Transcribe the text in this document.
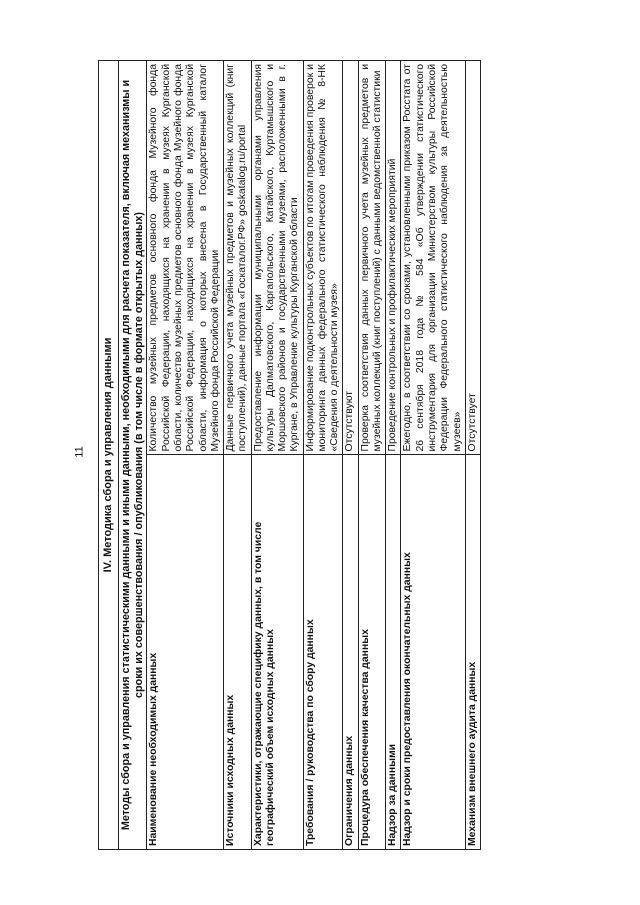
11 IV. Методика сбора и управления данными	
Методы сбора и управления статистическими данными и иными данными, необходимыми для расчета показателя, включая механизмы и сроки их совершенствования / опубликования (в том числе в формате открытых данных)	
Наименование необходимых данных	Количество музейных предметов основного фонда Музейного фонда Российской Федерации, находящихся на хранении в музеях Курганской области, количество музейных предметов основного фонда Музейного фонда Российской Федерации, находящихся на хранении в музеях Курганской области, информация о которых внесена в Государственный каталог Музейного фонда Российской Федерации
Источники исходных данных	Данные первичного учета музейных предметов и музейных коллекций (книг поступлений), данные портала «Госкаталог.РФ» goskatalog.ru/portal
Характеристики, отражающие специфику данных, в том числе географический объем исходных данных	Предоставление информации муниципальными органами управления культуры Далматовского, Каргапольского, Катайского, Куртамышского и Моршовского районов и государственными музеями, расположенными в г. Кургане, в Управление культуры Курганской области
Требования / руководства по сбору данных	Информирование подконтрольных субъектов по итогам проведения проверок и мониторинга данных федерального статистического наблюдения № 8-НК «Сведения о деятельности музея»
Ограничения данных	Отсутствуют
Процедура обеспечения качества данных	Проверка соответствия данных первичного учета музейных предметов и музейных коллекций (книг поступлений) с данными ведомственной статистики
Надзор за данными	Проведение контрольных и профилактических мероприятий
Надзор и сроки предоставления окончательных данных	Ежегодно, в соответствии со сроками, установленными приказом Росстата от 26 сентября 2018 года № 584 «Об утверждении статистического инструментария для организации Министерством культуры Российской Федерации Федерального статистического наблюдения за деятельностью музеев»
Механизм внешнего аудита данных	Отсутствует
